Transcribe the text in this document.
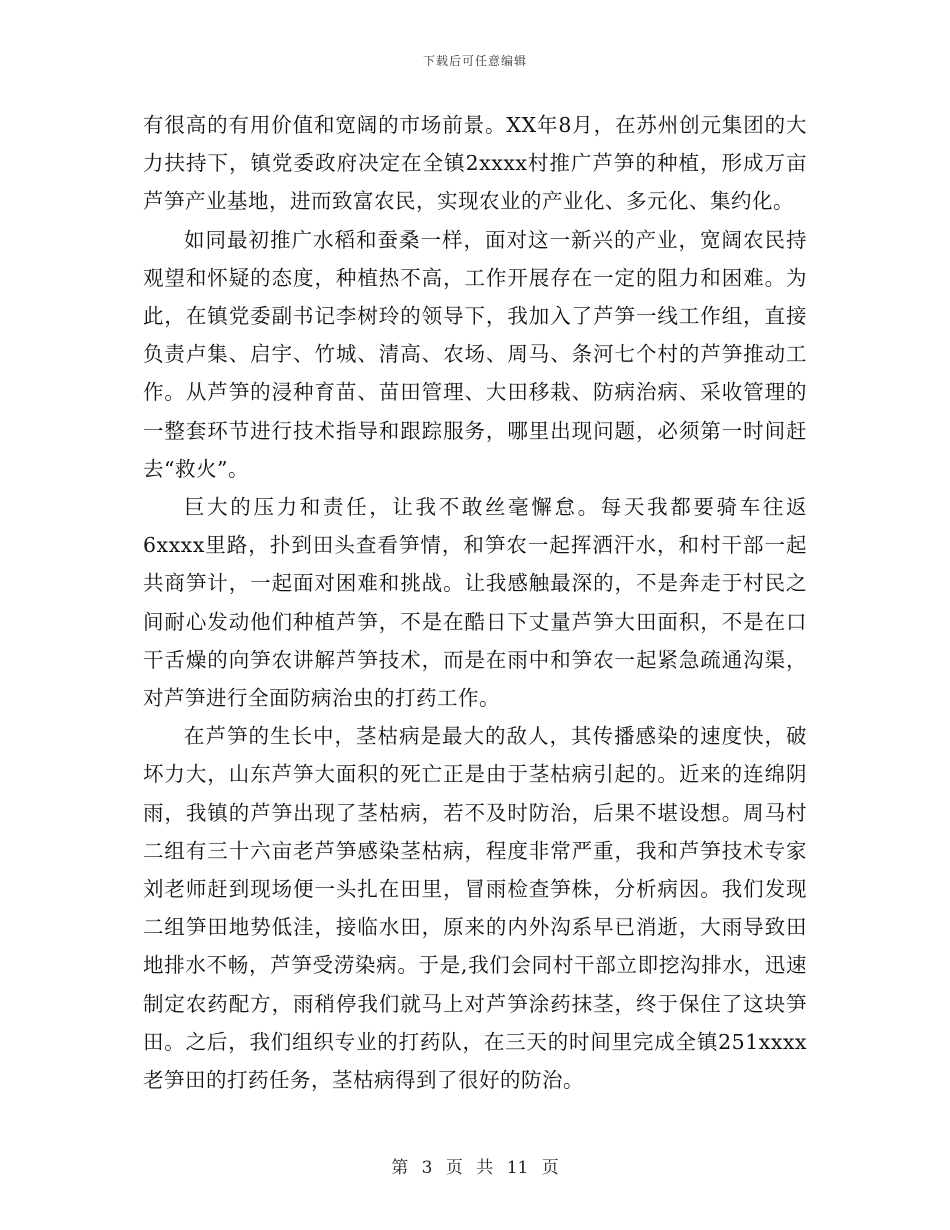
下载后可任意编辑

有很高的有用价值和宽阔的市场前景。XX年8月，在苏州创元集团的大力扶持下，镇党委政府决定在全镇2xxxx村推广芦笋的种植，形成万亩芦笋产业基地，进而致富农民，实现农业的产业化、多元化、集约化。

如同最初推广水稻和蚕桑一样，面对这一新兴的产业，宽阔农民持观望和怀疑的态度，种植热不高，工作开展存在一定的阻力和困难。为此，在镇党委副书记李树玲的领导下，我加入了芦笋一线工作组，直接负责卢集、启宇、竹城、清高、农场、周马、条河七个村的芦笋推动工作。从芦笋的浸种育苗、苗田管理、大田移栽、防病治病、采收管理的一整套环节进行技术指导和跟踪服务，哪里出现问题，必须第一时间赶去“救火”。

巨大的压力和责任，让我不敢丝毫懈怠。每天我都要骑车往返6xxxx里路，扑到田头查看笋情，和笋农一起挥洒汗水，和村干部一起共商笋计，一起面对困难和挑战。让我感触最深的，不是奔走于村民之间耐心发动他们种植芦笋，不是在酷日下丈量芦笋大田面积，不是在口干舌燥的向笋农讲解芦笋技术，而是在雨中和笋农一起紧急疏通沟渠，对芦笋进行全面防病治虫的打药工作。

在芦笋的生长中，茎枯病是最大的敌人，其传播感染的速度快，破坏力大，山东芦笋大面积的死亡正是由于茎枯病引起的。近来的连绵阴雨，我镇的芦笋出现了茎枯病，若不及时防治，后果不堪设想。周马村二组有三十六亩老芦笋感染茎枯病，程度非常严重，我和芦笋技术专家刘老师赶到现场便一头扎在田里，冒雨检查笋株，分析病因。我们发现二组笋田地势低洼，接临水田，原来的内外沟系早已消逝，大雨导致田地排水不畅，芦笋受涝染病。于是,我们会同村干部立即挖沟排水，迅速制定农药配方，雨稍停我们就马上对芦笋涂药抹茎，终于保住了这块笋田。之后，我们组织专业的打药队，在三天的时间里完成全镇251xxxx老笋田的打药任务，茎枯病得到了很好的防治。

第 3 页 共 11 页
